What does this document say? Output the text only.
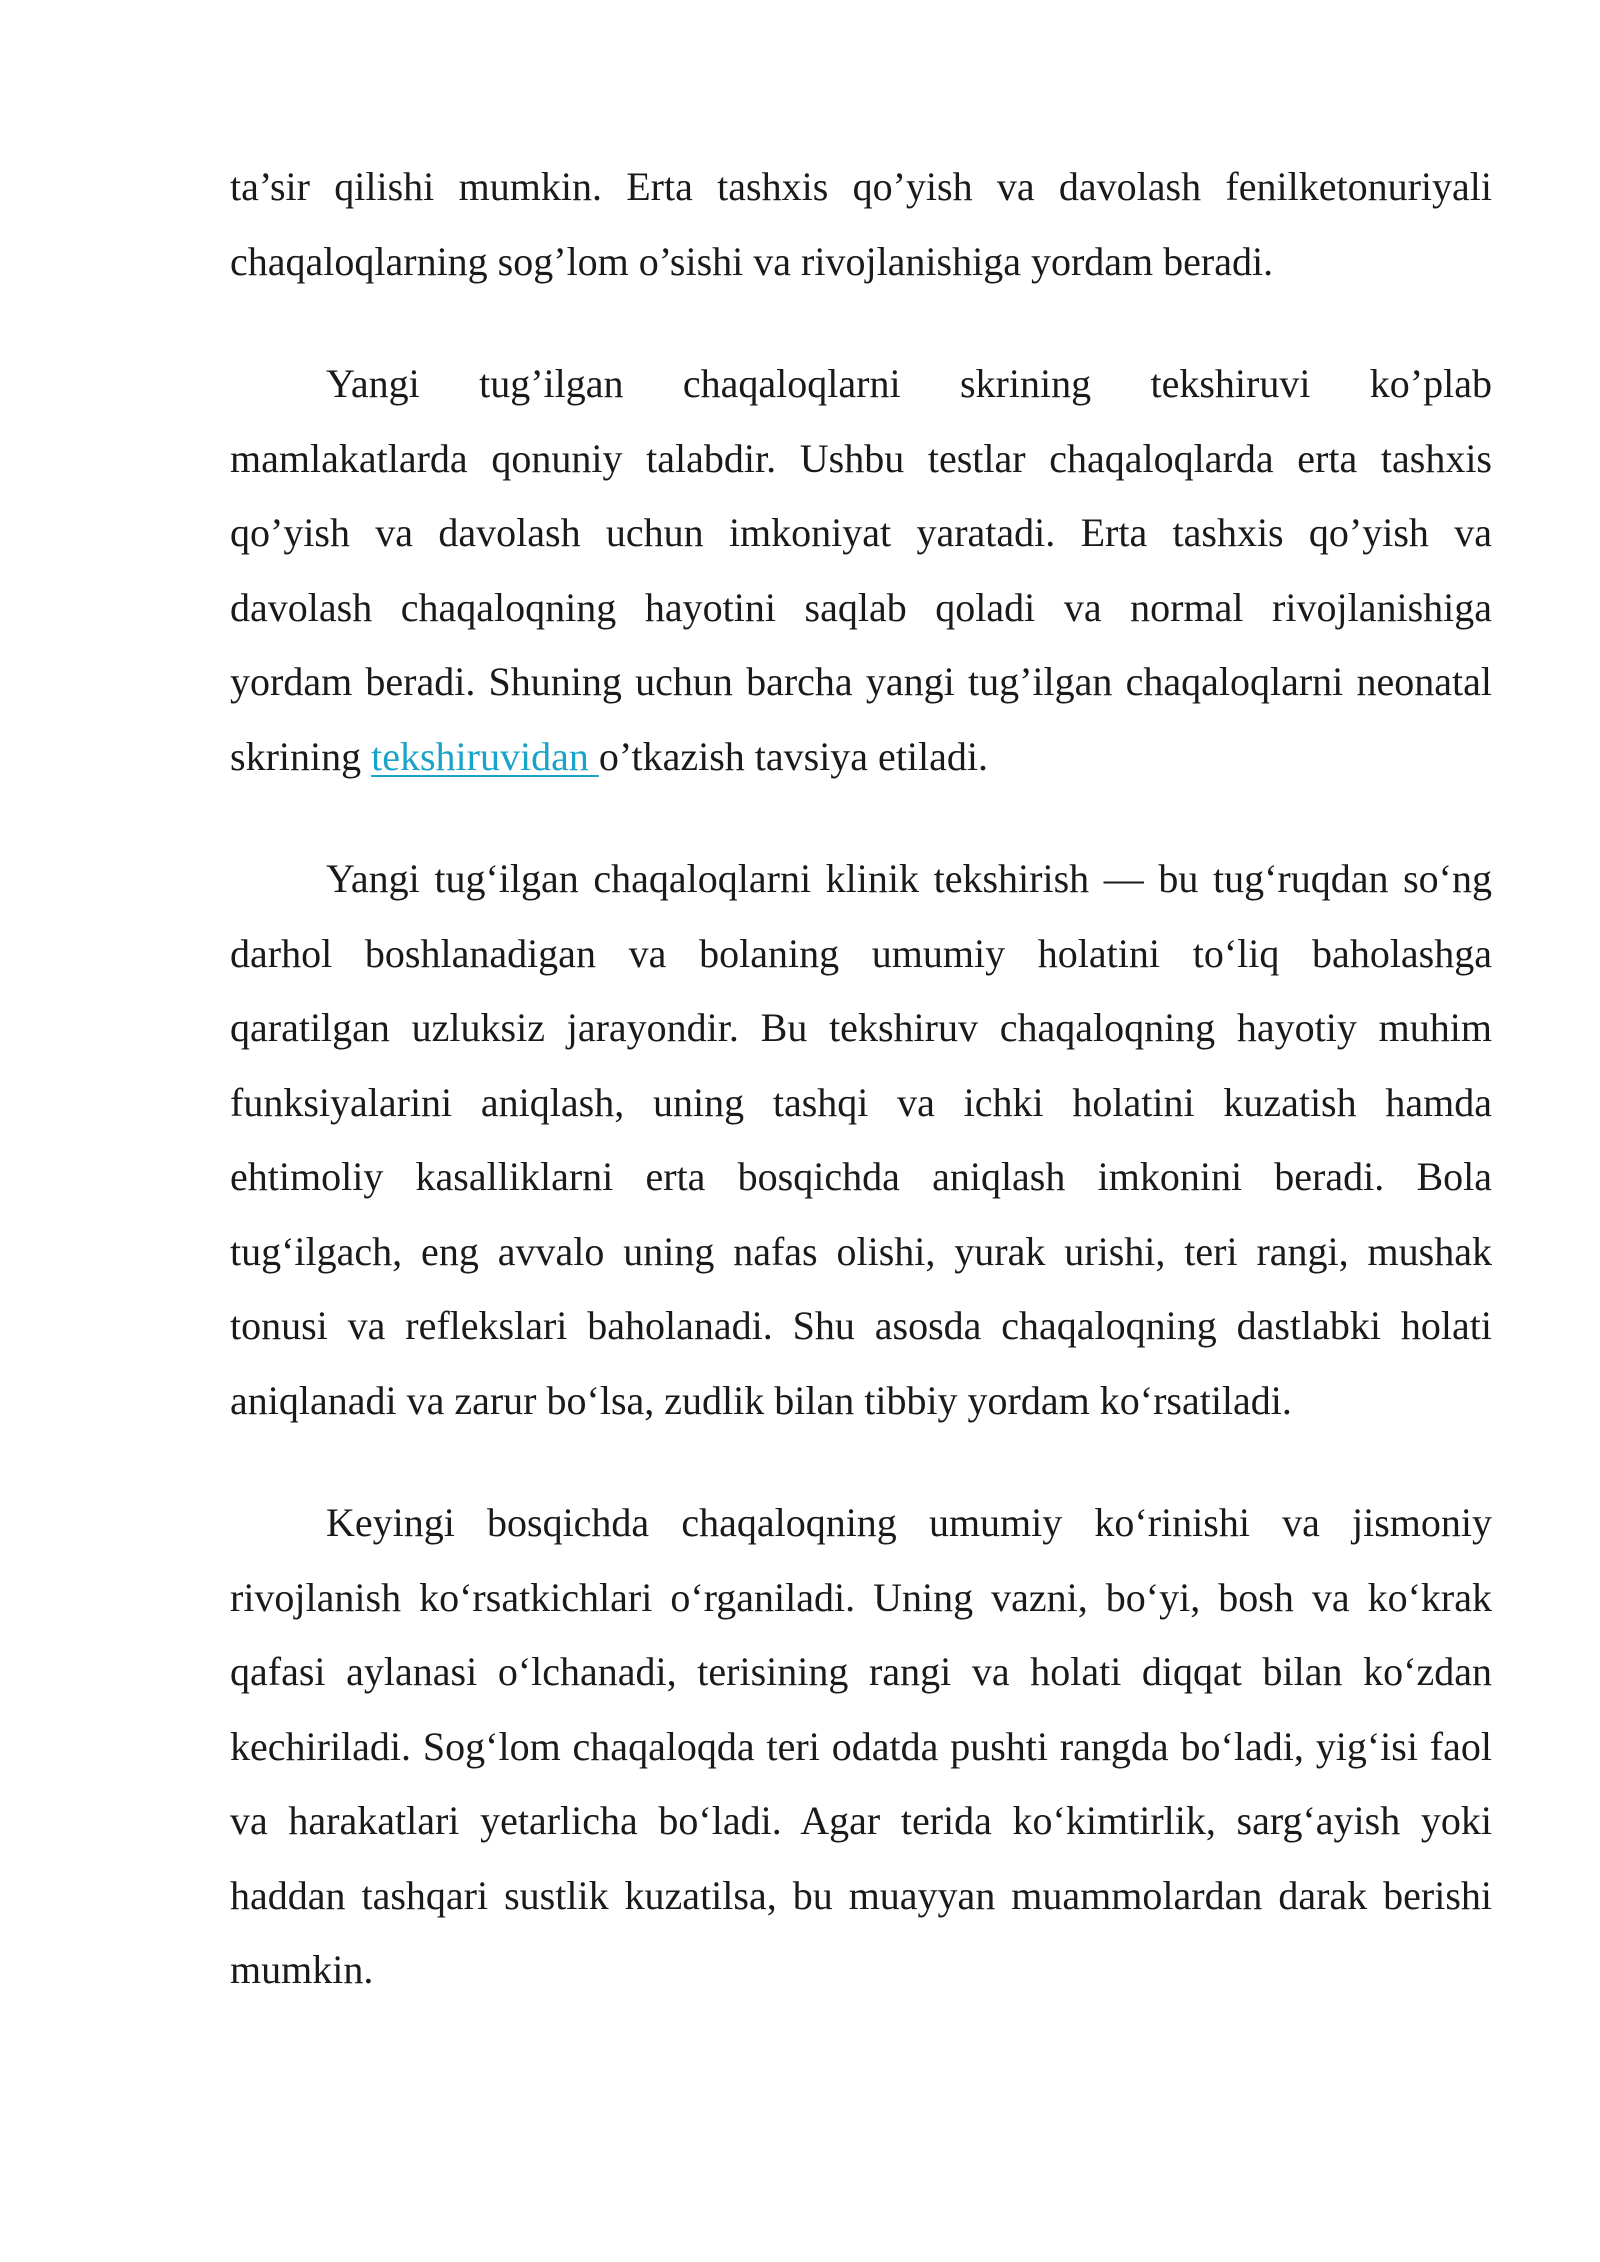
ta’sir qilishi mumkin. Erta tashxis qo’yish va davolash fenilketonuriyali chaqaloqlarning sog’lom o’sishi va rivojlanishiga yordam beradi.

Yangi tug’ilgan chaqaloqlarni skrining tekshiruvi ko’plab mamlakatlarda qonuniy talabdir. Ushbu testlar chaqaloqlarda erta tashxis qo’yish va davolash uchun imkoniyat yaratadi. Erta tashxis qo’yish va davolash chaqaloqning hayotini saqlab qoladi va normal rivojlanishiga yordam beradi. Shuning uchun barcha yangi tug’ilgan chaqaloqlarni neonatal skrining tekshiruvidan o’tkazish tavsiya etiladi.

Yangi tug‘ilgan chaqaloqlarni klinik tekshirish — bu tug‘ruqdan so‘ng darhol boshlanadigan va bolaning umumiy holatini to‘liq baholashga qaratilgan uzluksiz jarayondir. Bu tekshiruv chaqaloqning hayotiy muhim funksiyalarini aniqlash, uning tashqi va ichki holatini kuzatish hamda ehtimoliy kasalliklarni erta bosqichda aniqlash imkonini beradi. Bola tug‘ilgach, eng avvalo uning nafas olishi, yurak urishi, teri rangi, mushak tonusi va reflekslari baholanadi. Shu asosda chaqaloqning dastlabki holati aniqlanadi va zarur bo‘lsa, zudlik bilan tibbiy yordam ko‘rsatiladi.

Keyingi bosqichda chaqaloqning umumiy ko‘rinishi va jismoniy rivojlanish ko‘rsatkichlari o‘rganiladi. Uning vazni, bo‘yi, bosh va ko‘krak qafasi aylanasi o‘lchanadi, terisining rangi va holati diqqat bilan ko‘zdan kechiriladi. Sog‘lom chaqaloqda teri odatda pushti rangda bo‘ladi, yig‘isi faol va harakatlari yetarlicha bo‘ladi. Agar terida ko‘kimtirlik, sarg‘ayish yoki haddan tashqari sustlik kuzatilsa, bu muayyan muammolardan darak berishi mumkin.
